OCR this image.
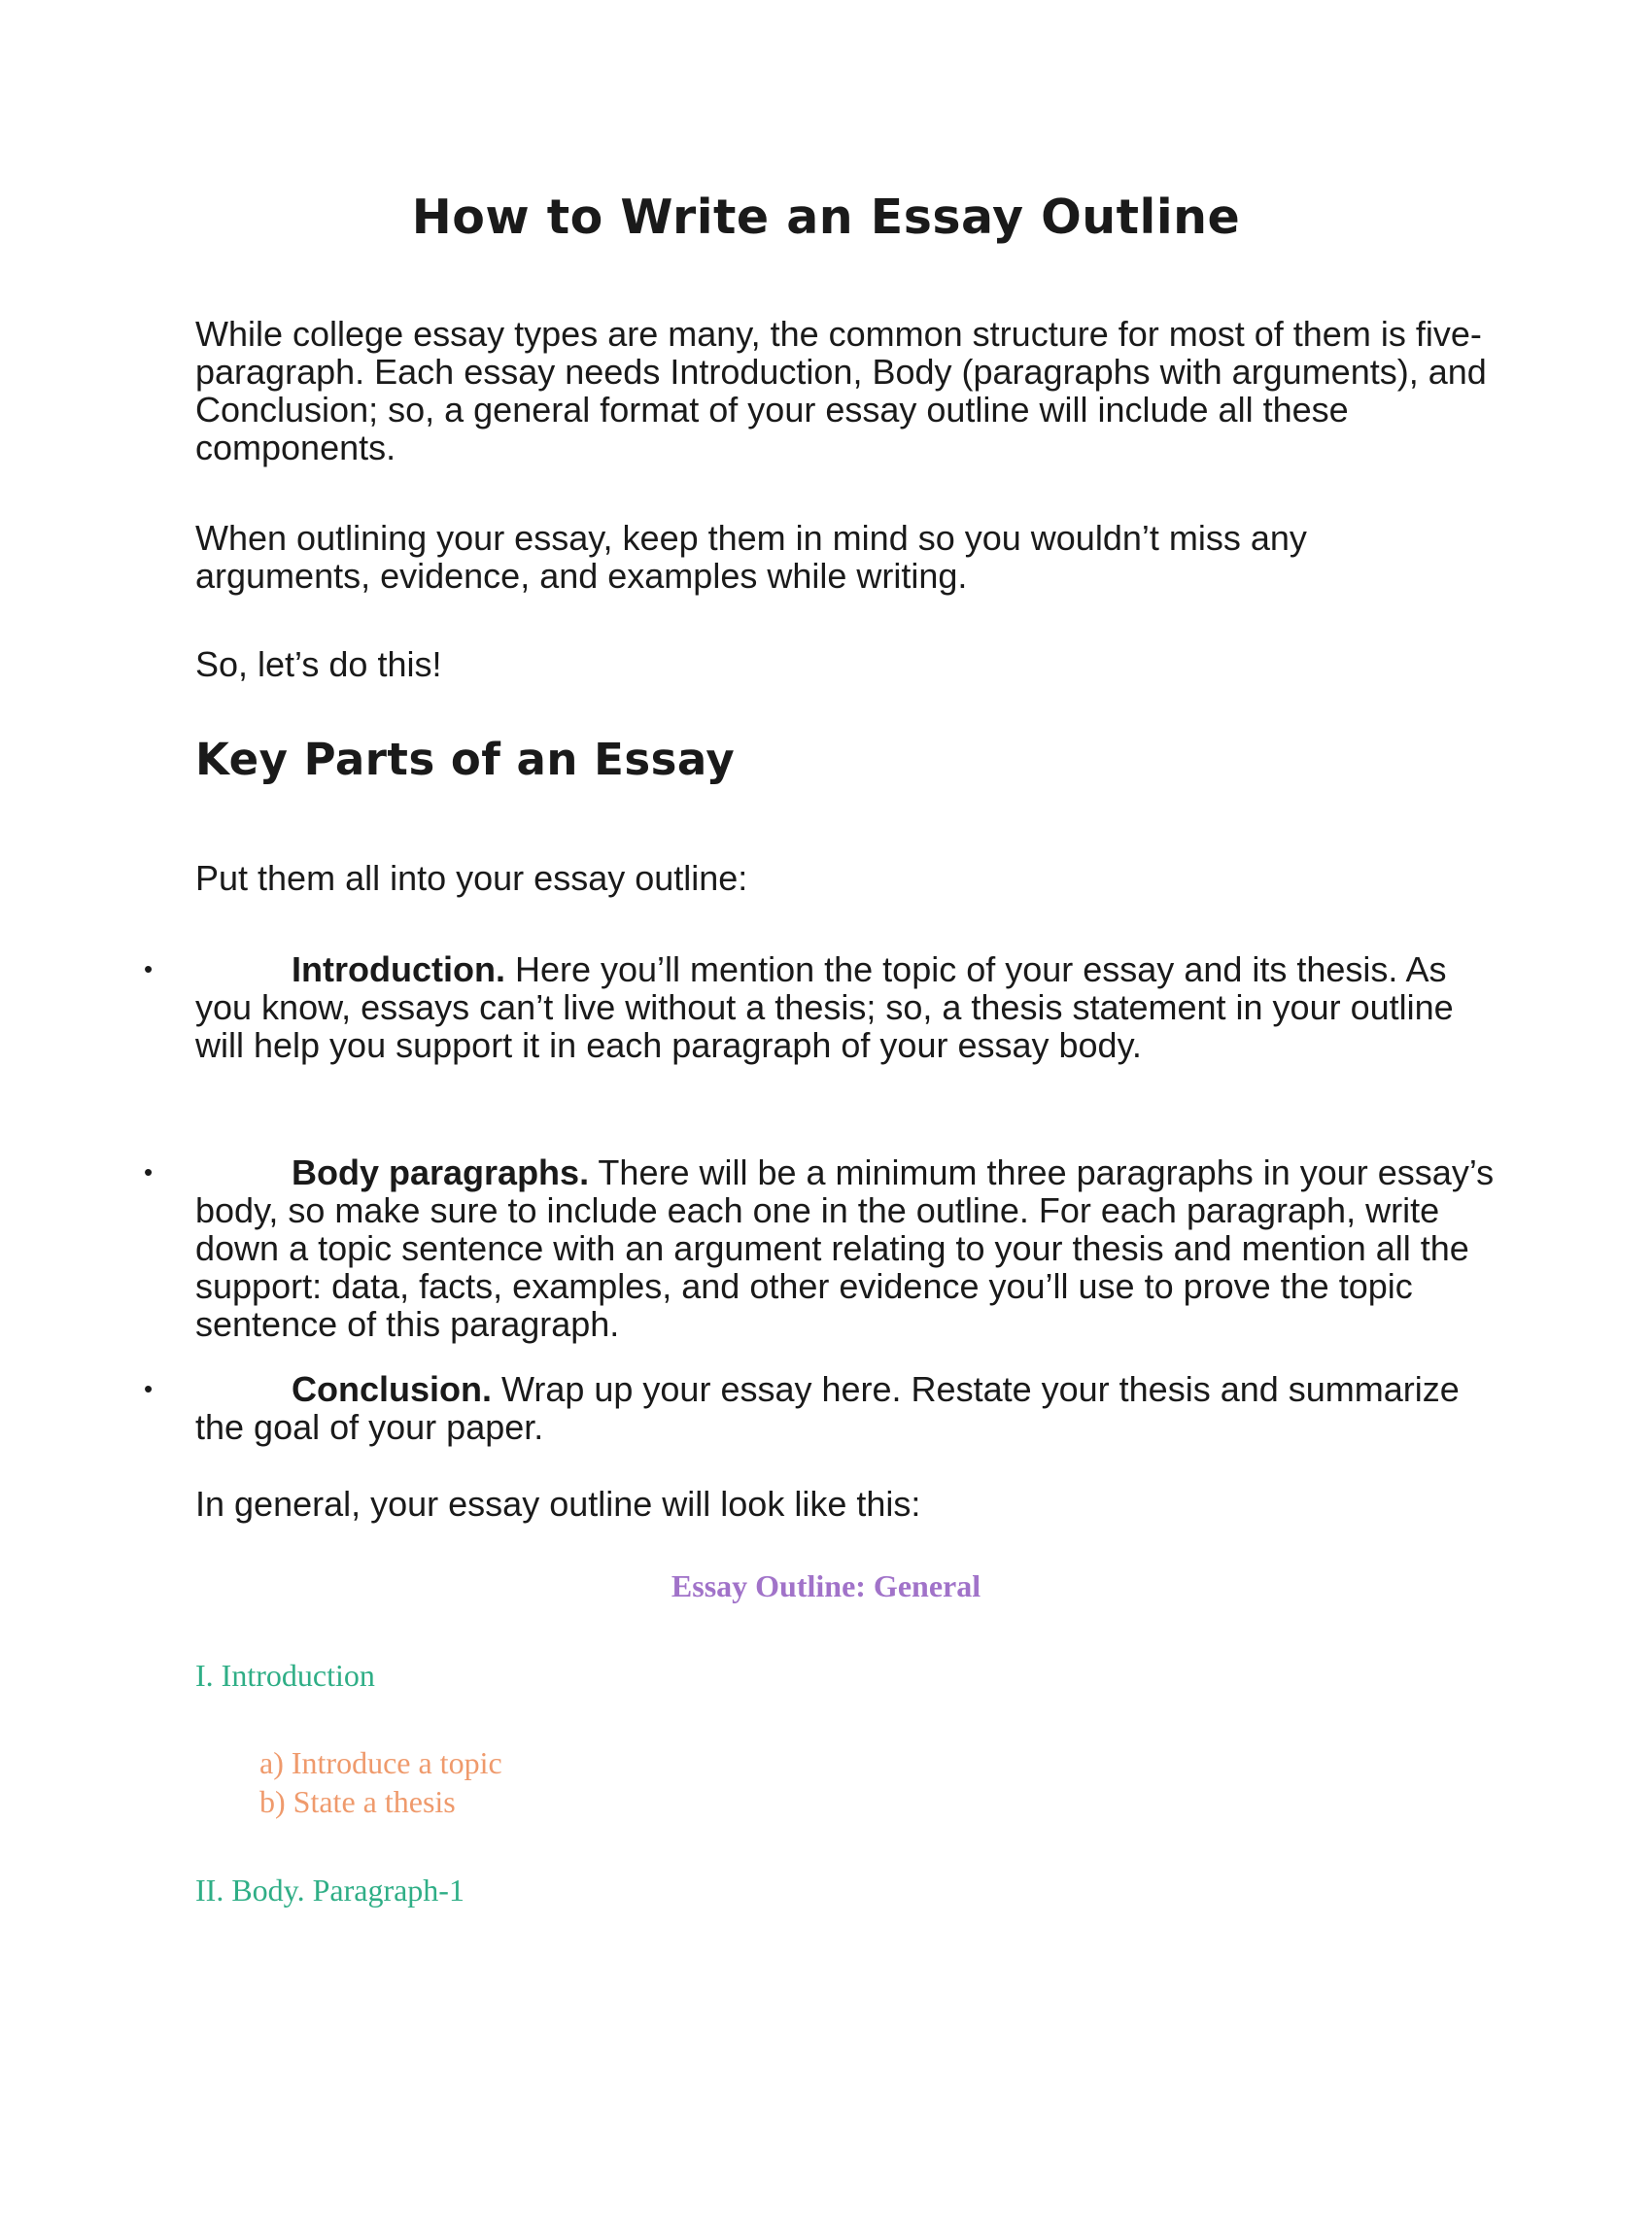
How to Write an Essay Outline
While college essay types are many, the common structure for most of them is five-paragraph. Each essay needs Introduction, Body (paragraphs with arguments), and Conclusion; so, a general format of your essay outline will include all these components.
When outlining your essay, keep them in mind so you wouldn’t miss any arguments, evidence, and examples while writing.
So, let’s do this!
Key Parts of an Essay
Put them all into your essay outline:
•	Introduction. Here you’ll mention the topic of your essay and its thesis. As you know, essays can’t live without a thesis; so, a thesis statement in your outline will help you support it in each paragraph of your essay body.
•	Body paragraphs. There will be a minimum three paragraphs in your essay’s body, so make sure to include each one in the outline. For each paragraph, write down a topic sentence with an argument relating to your thesis and mention all the support: data, facts, examples, and other evidence you’ll use to prove the topic sentence of this paragraph.
•	Conclusion. Wrap up your essay here. Restate your thesis and summarize the goal of your paper.
In general, your essay outline will look like this:
Essay Outline: General
I. Introduction
a) Introduce a topic
b) State a thesis
II. Body. Paragraph-1
